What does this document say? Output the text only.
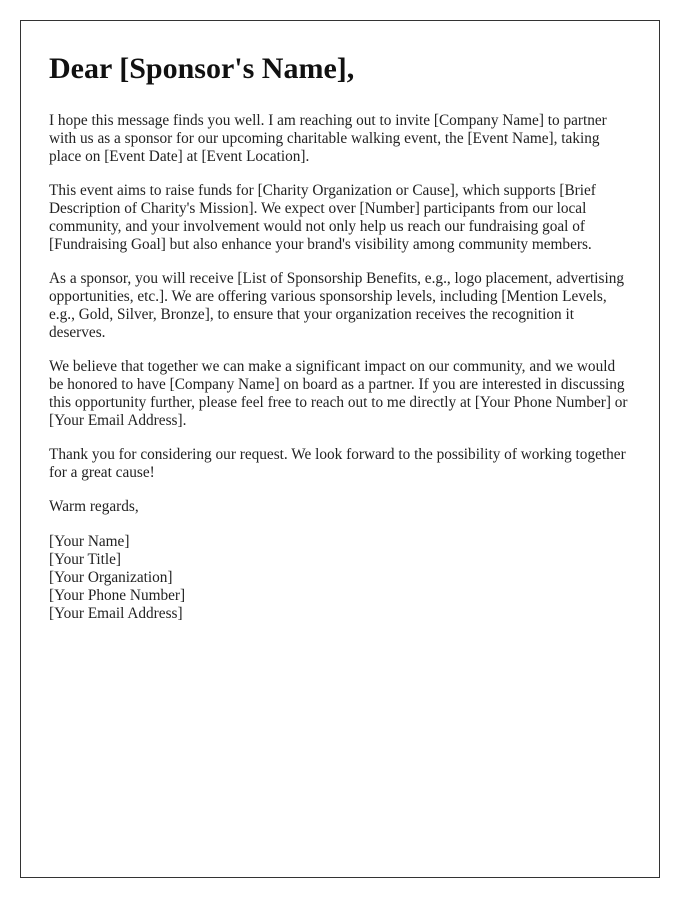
Dear [Sponsor's Name],

I hope this message finds you well. I am reaching out to invite [Company Name] to partner with us as a sponsor for our upcoming charitable walking event, the [Event Name], taking place on [Event Date] at [Event Location].

This event aims to raise funds for [Charity Organization or Cause], which supports [Brief Description of Charity's Mission]. We expect over [Number] participants from our local community, and your involvement would not only help us reach our fundraising goal of [Fundraising Goal] but also enhance your brand's visibility among community members.

As a sponsor, you will receive [List of Sponsorship Benefits, e.g., logo placement, advertising opportunities, etc.]. We are offering various sponsorship levels, including [Mention Levels, e.g., Gold, Silver, Bronze], to ensure that your organization receives the recognition it deserves.

We believe that together we can make a significant impact on our community, and we would be honored to have [Company Name] on board as a partner. If you are interested in discussing this opportunity further, please feel free to reach out to me directly at [Your Phone Number] or [Your Email Address].

Thank you for considering our request. We look forward to the possibility of working together for a great cause!

Warm regards,
[Your Name]
[Your Title]
[Your Organization]
[Your Phone Number]
[Your Email Address]
